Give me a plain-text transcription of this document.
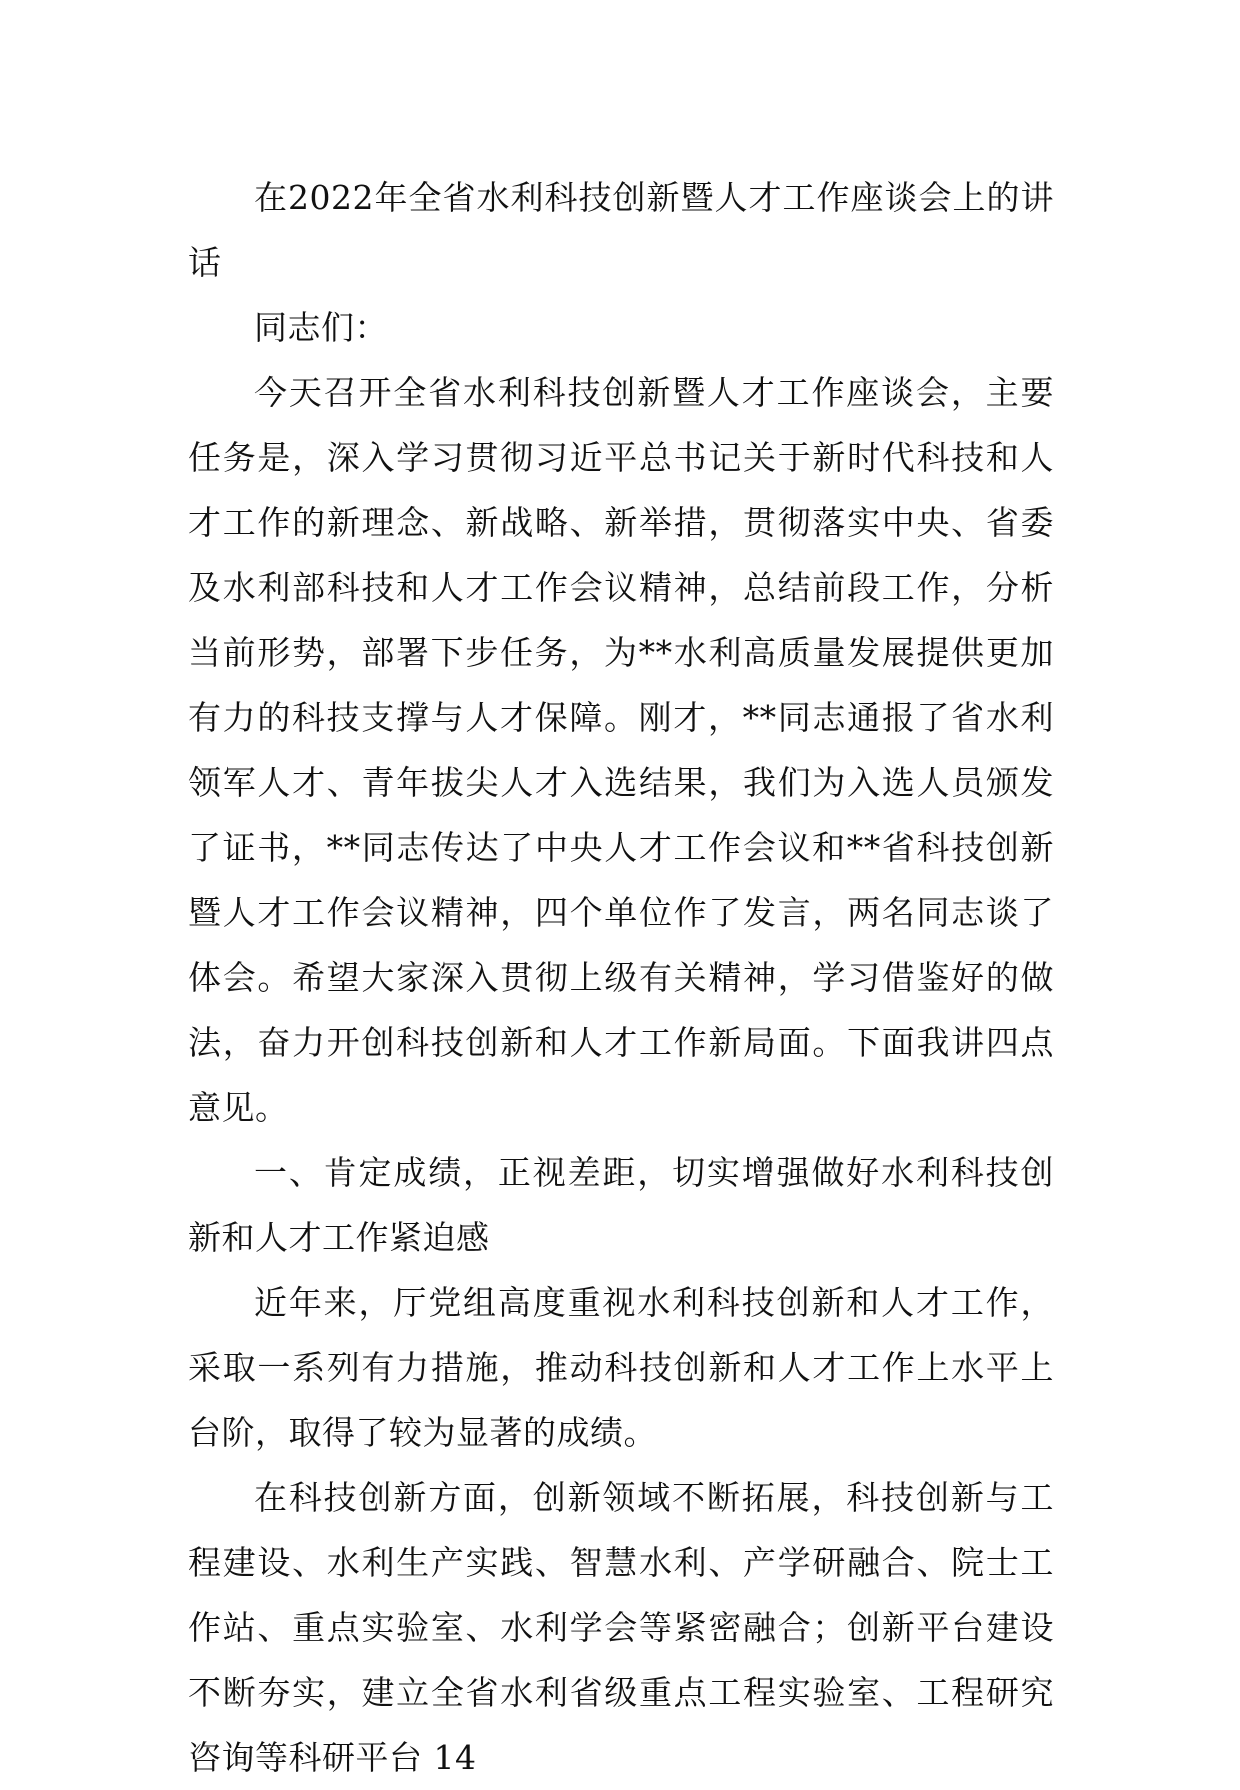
在2022年全省水利科技创新暨人才工作座谈会上的讲话

同志们：

今天召开全省水利科技创新暨人才工作座谈会，主要任务是，深入学习贯彻习近平总书记关于新时代科技和人才工作的新理念、新战略、新举措，贯彻落实中央、省委及水利部科技和人才工作会议精神，总结前段工作，分析当前形势，部署下步任务，为**水利高质量发展提供更加有力的科技支撑与人才保障。刚才，**同志通报了省水利领军人才、青年拔尖人才入选结果，我们为入选人员颁发了证书，**同志传达了中央人才工作会议和**省科技创新暨人才工作会议精神，四个单位作了发言，两名同志谈了体会。希望大家深入贯彻上级有关精神，学习借鉴好的做法，奋力开创科技创新和人才工作新局面。下面我讲四点意见。

一、肯定成绩，正视差距，切实增强做好水利科技创新和人才工作紧迫感

近年来，厅党组高度重视水利科技创新和人才工作，采取一系列有力措施，推动科技创新和人才工作上水平上台阶，取得了较为显著的成绩。

在科技创新方面，创新领域不断拓展，科技创新与工程建设、水利生产实践、智慧水利、产学研融合、院士工作站、重点实验室、水利学会等紧密融合；创新平台建设不断夯实，建立全省水利省级重点工程实验室、工程研究咨询等科研平台 14
